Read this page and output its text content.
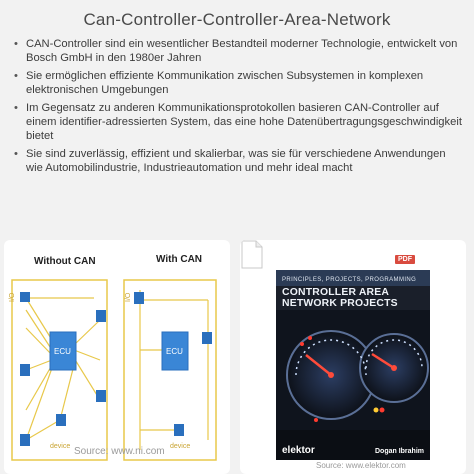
Can-Controller-Controller-Area-Network
• CAN-Controller sind ein wesentlicher Bestandteil moderner Technologie, entwickelt von Bosch GmbH in den 1980er Jahren
• Sie ermöglichen effiziente Kommunikation zwischen Subsystemen in komplexen elektronischen Umgebungen
• Im Gegensatz zu anderen Kommunikationsprotokollen basieren CAN-Controller auf einem identifier-adressierten System, das eine hohe Datenübertragungsgeschwindigkeit bietet
• Sie sind zuverlässig, effizient und skalierbar, was sie für verschiedene Anwendungen wie Automobilindustrie, Industrieautomation und mehr ideal macht
Without CAN
ECU
I/O
device
With CAN
ECU
I/O
device
Source: www.ni.com
PDF
PRINCIPLES, PROJECTS, PROGRAMMING
CONTROLLER AREA NETWORK PROJECTS
elektor	Dogan Ibrahim
Source: www.elektor.com
